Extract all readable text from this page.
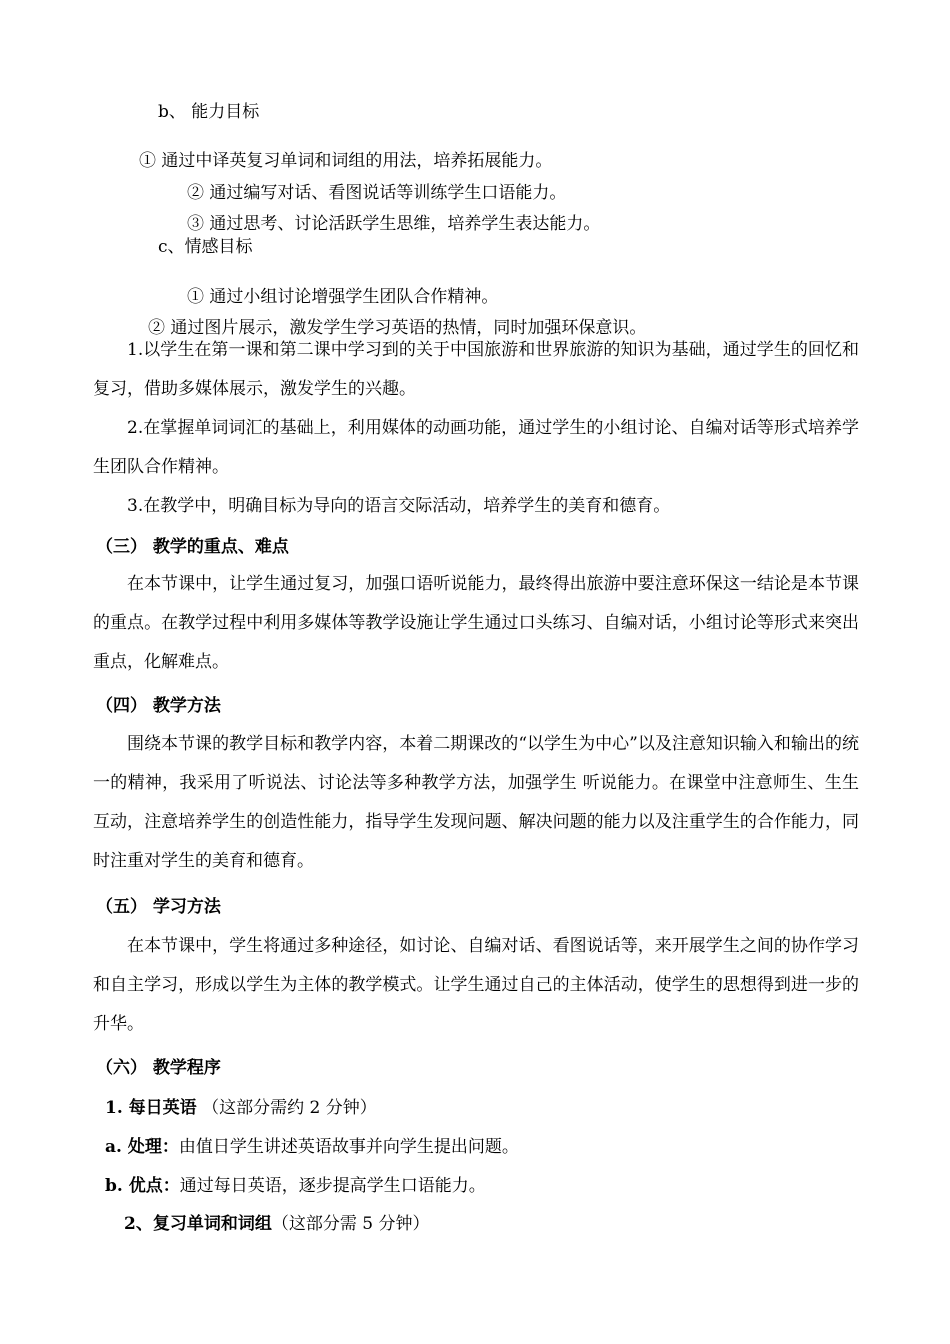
b、 能力目标
① 通过中译英复习单词和词组的用法，培养拓展能力。
② 通过编写对话、看图说话等训练学生口语能力。
③ 通过思考、讨论活跃学生思维，培养学生表达能力。
c、情感目标
① 通过小组讨论增强学生团队合作精神。
② 通过图片展示，激发学生学习英语的热情，同时加强环保意识。

1.以学生在第一课和第二课中学习到的关于中国旅游和世界旅游的知识为基础，通过学生的回忆和复习，借助多媒体展示，激发学生的兴趣。

2.在掌握单词词汇的基础上，利用媒体的动画功能，通过学生的小组讨论、自编对话等形式培养学生团队合作精神。

3.在教学中，明确目标为导向的语言交际活动，培养学生的美育和德育。

（三） 教学的重点、难点

在本节课中，让学生通过复习，加强口语听说能力，最终得出旅游中要注意环保这一结论是本节课的重点。在教学过程中利用多媒体等教学设施让学生通过口头练习、自编对话，小组讨论等形式来突出重点，化解难点。

（四） 教学方法

围绕本节课的教学目标和教学内容，本着二期课改的“以学生为中心”以及注意知识输入和输出的统一的精神，我采用了听说法、讨论法等多种教学方法，加强学生 听说能力。在课堂中注意师生、生生互动，注意培养学生的创造性能力，指导学生发现问题、解决问题的能力以及注重学生的合作能力，同时注重对学生的美育和德育。

（五） 学习方法

在本节课中，学生将通过多种途径，如讨论、自编对话、看图说话等，来开展学生之间的协作学习和自主学习，形成以学生为主体的教学模式。让学生通过自己的主体活动，使学生的思想得到进一步的升华。

（六） 教学程序
1. 每日英语 （这部分需约 2 分钟）
a. 处理：由值日学生讲述英语故事并向学生提出问题。
b. 优点：通过每日英语，逐步提高学生口语能力。
2、复习单词和词组（这部分需 5 分钟）
